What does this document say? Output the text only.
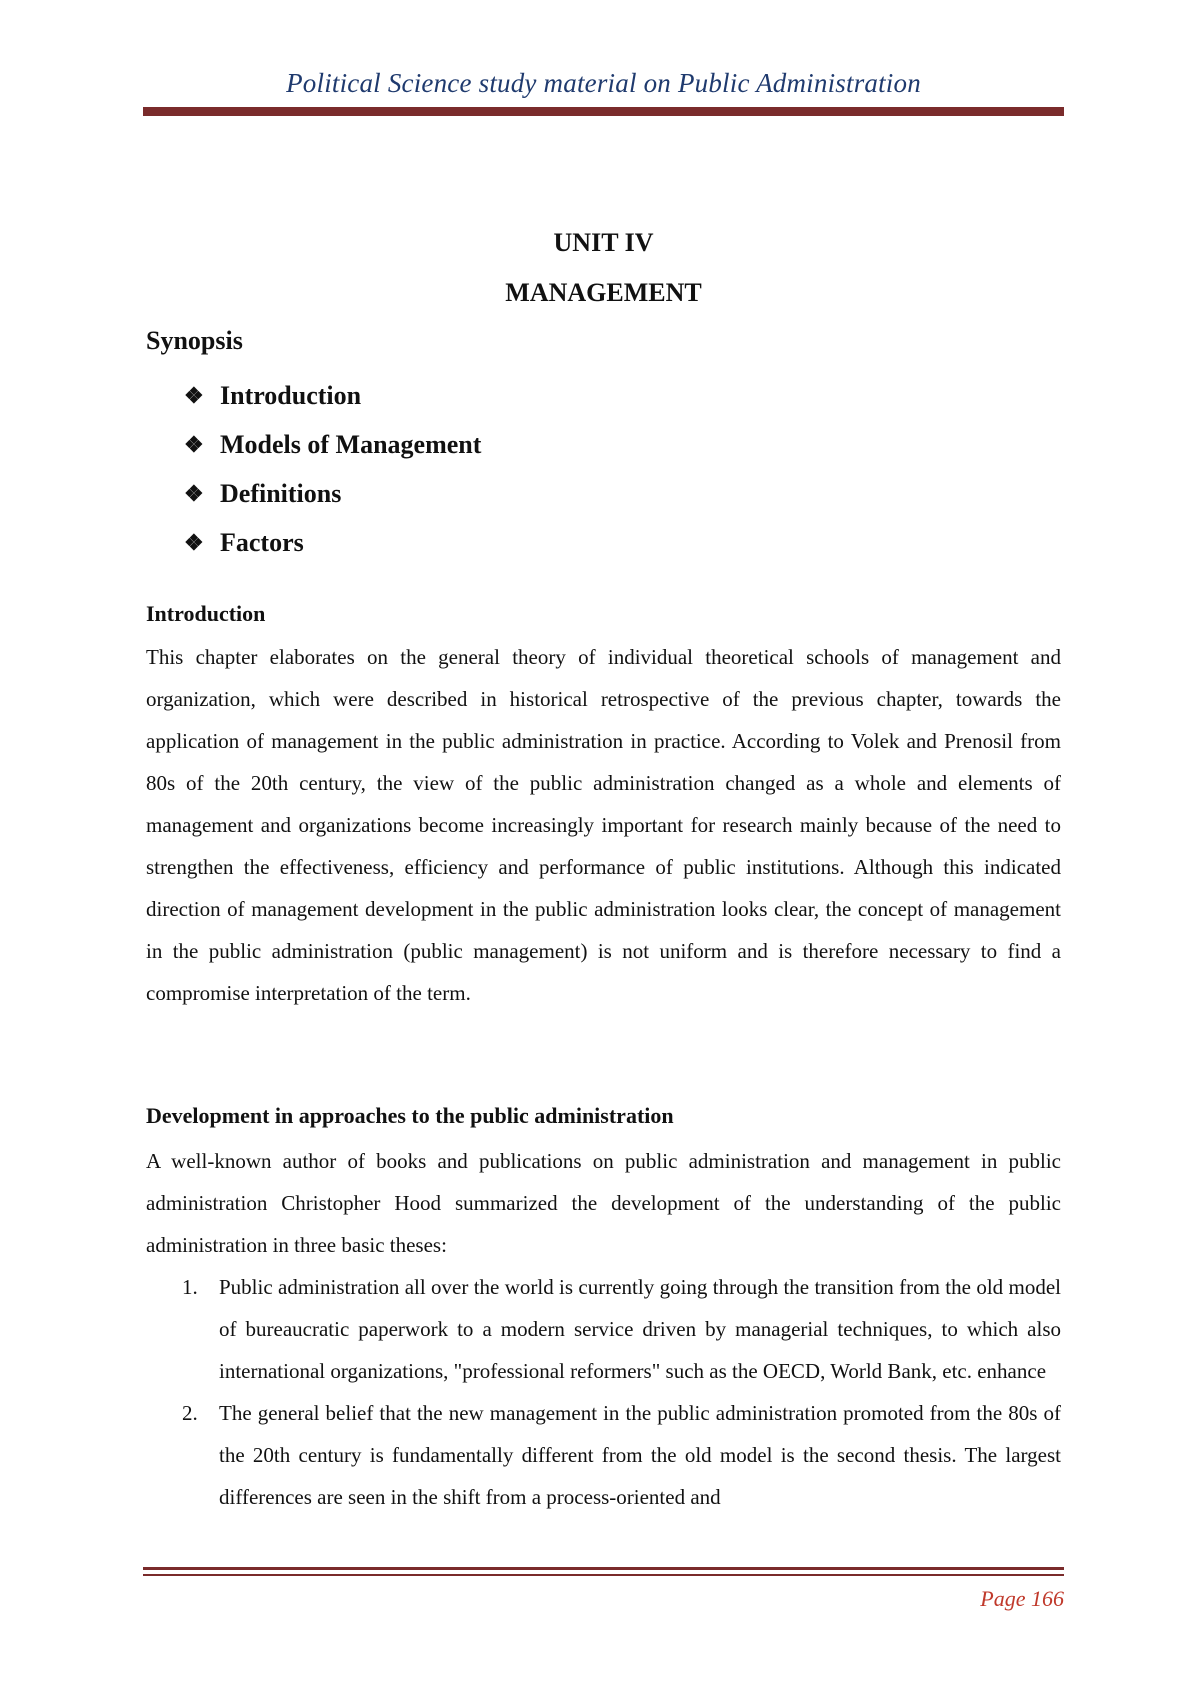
Political Science study material on Public Administration
UNIT IV
MANAGEMENT
Synopsis
❖ Introduction
❖ Models of Management
❖ Definitions
❖ Factors
Introduction

This chapter elaborates on the general theory of individual theoretical schools of management and organization, which were described in historical retrospective of the previous chapter, towards the application of management in the public administration in practice. According to Volek and Prenosil from 80s of the 20th century, the view of the public administration changed as a whole and elements of management and organizations become increasingly important for research mainly because of the need to strengthen the effectiveness, efficiency and performance of public institutions. Although this indicated direction of management development in the public administration looks clear, the concept of management in the public administration (public management) is not uniform and is therefore necessary to find a compromise interpretation of the term.

Development in approaches to the public administration

A well-known author of books and publications on public administration and management in public administration Christopher Hood summarized the development of the understanding of the public administration in three basic theses:

1. Public administration all over the world is currently going through the transition from the old model of bureaucratic paperwork to a modern service driven by managerial techniques, to which also international organizations, "professional reformers" such as the OECD, World Bank, etc. enhance
2. The general belief that the new management in the public administration promoted from the 80s of the 20th century is fundamentally different from the old model is the second thesis. The largest differences are seen in the shift from a process-oriented and
Page 166
